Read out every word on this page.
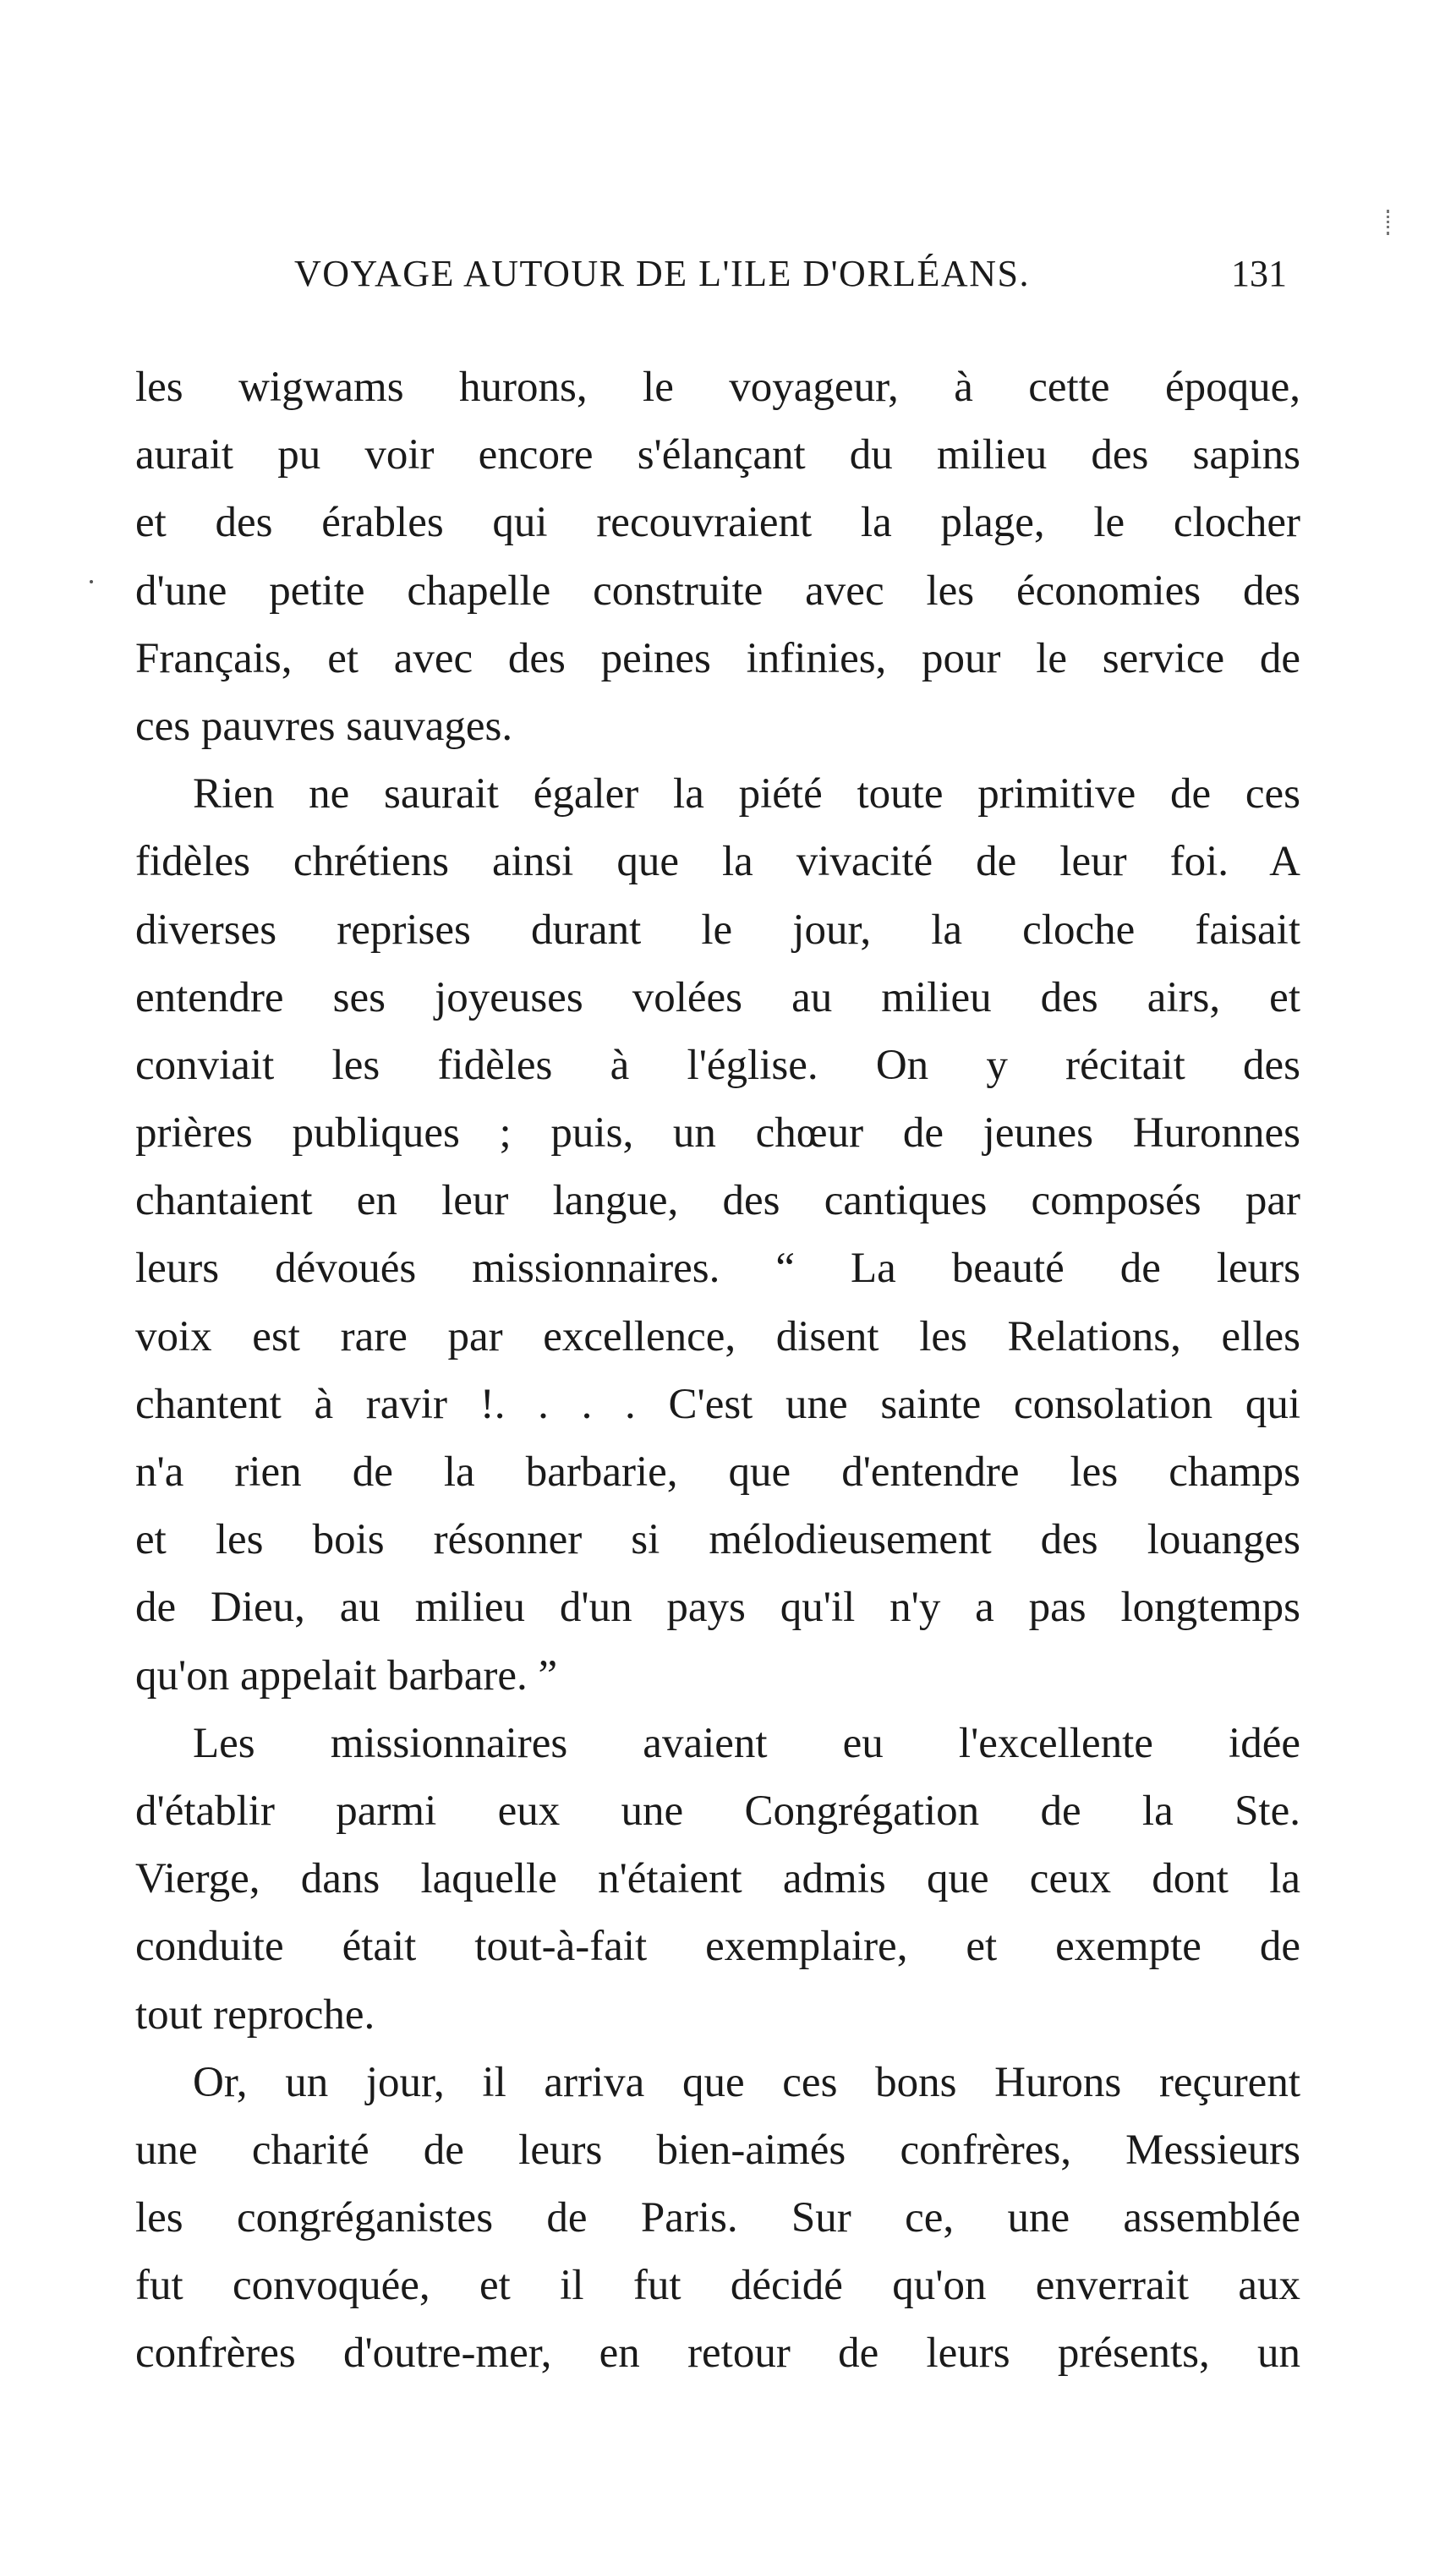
VOYAGE AUTOUR DE L'ILE D'ORLÉANS.	131
les wigwams hurons, le voyageur, à cette époque,
aurait pu voir encore s'élançant du milieu des sapins
et des érables qui recouvraient la plage, le clocher
d'une petite chapelle construite avec les économies des
Français, et avec des peines infinies, pour le service de
ces pauvres sauvages.
Rien ne saurait égaler la piété toute primitive de ces
fidèles chrétiens ainsi que la vivacité de leur foi. A
diverses reprises durant le jour, la cloche faisait
entendre ses joyeuses volées au milieu des airs, et
conviait les fidèles à l'église. On y récitait des
prières publiques ; puis, un chœur de jeunes Huronnes
chantaient en leur langue, des cantiques composés par
leurs dévoués missionnaires. “ La beauté de leurs
voix est rare par excellence, disent les Relations, elles
chantent à ravir !. . . . C'est une sainte consolation qui
n'a rien de la barbarie, que d'entendre les champs
et les bois résonner si mélodieusement des louanges
de Dieu, au milieu d'un pays qu'il n'y a pas longtemps
qu'on appelait barbare. ”
Les missionnaires avaient eu l'excellente idée
d'établir parmi eux une Congrégation de la Ste.
Vierge, dans laquelle n'étaient admis que ceux dont la
conduite était tout-à-fait exemplaire, et exempte de
tout reproche.
Or, un jour, il arriva que ces bons Hurons reçurent
une charité de leurs bien-aimés confrères, Messieurs
les congréganistes de Paris. Sur ce, une assemblée
fut convoquée, et il fut décidé qu'on enverrait aux
confrères d'outre-mer, en retour de leurs présents, un
